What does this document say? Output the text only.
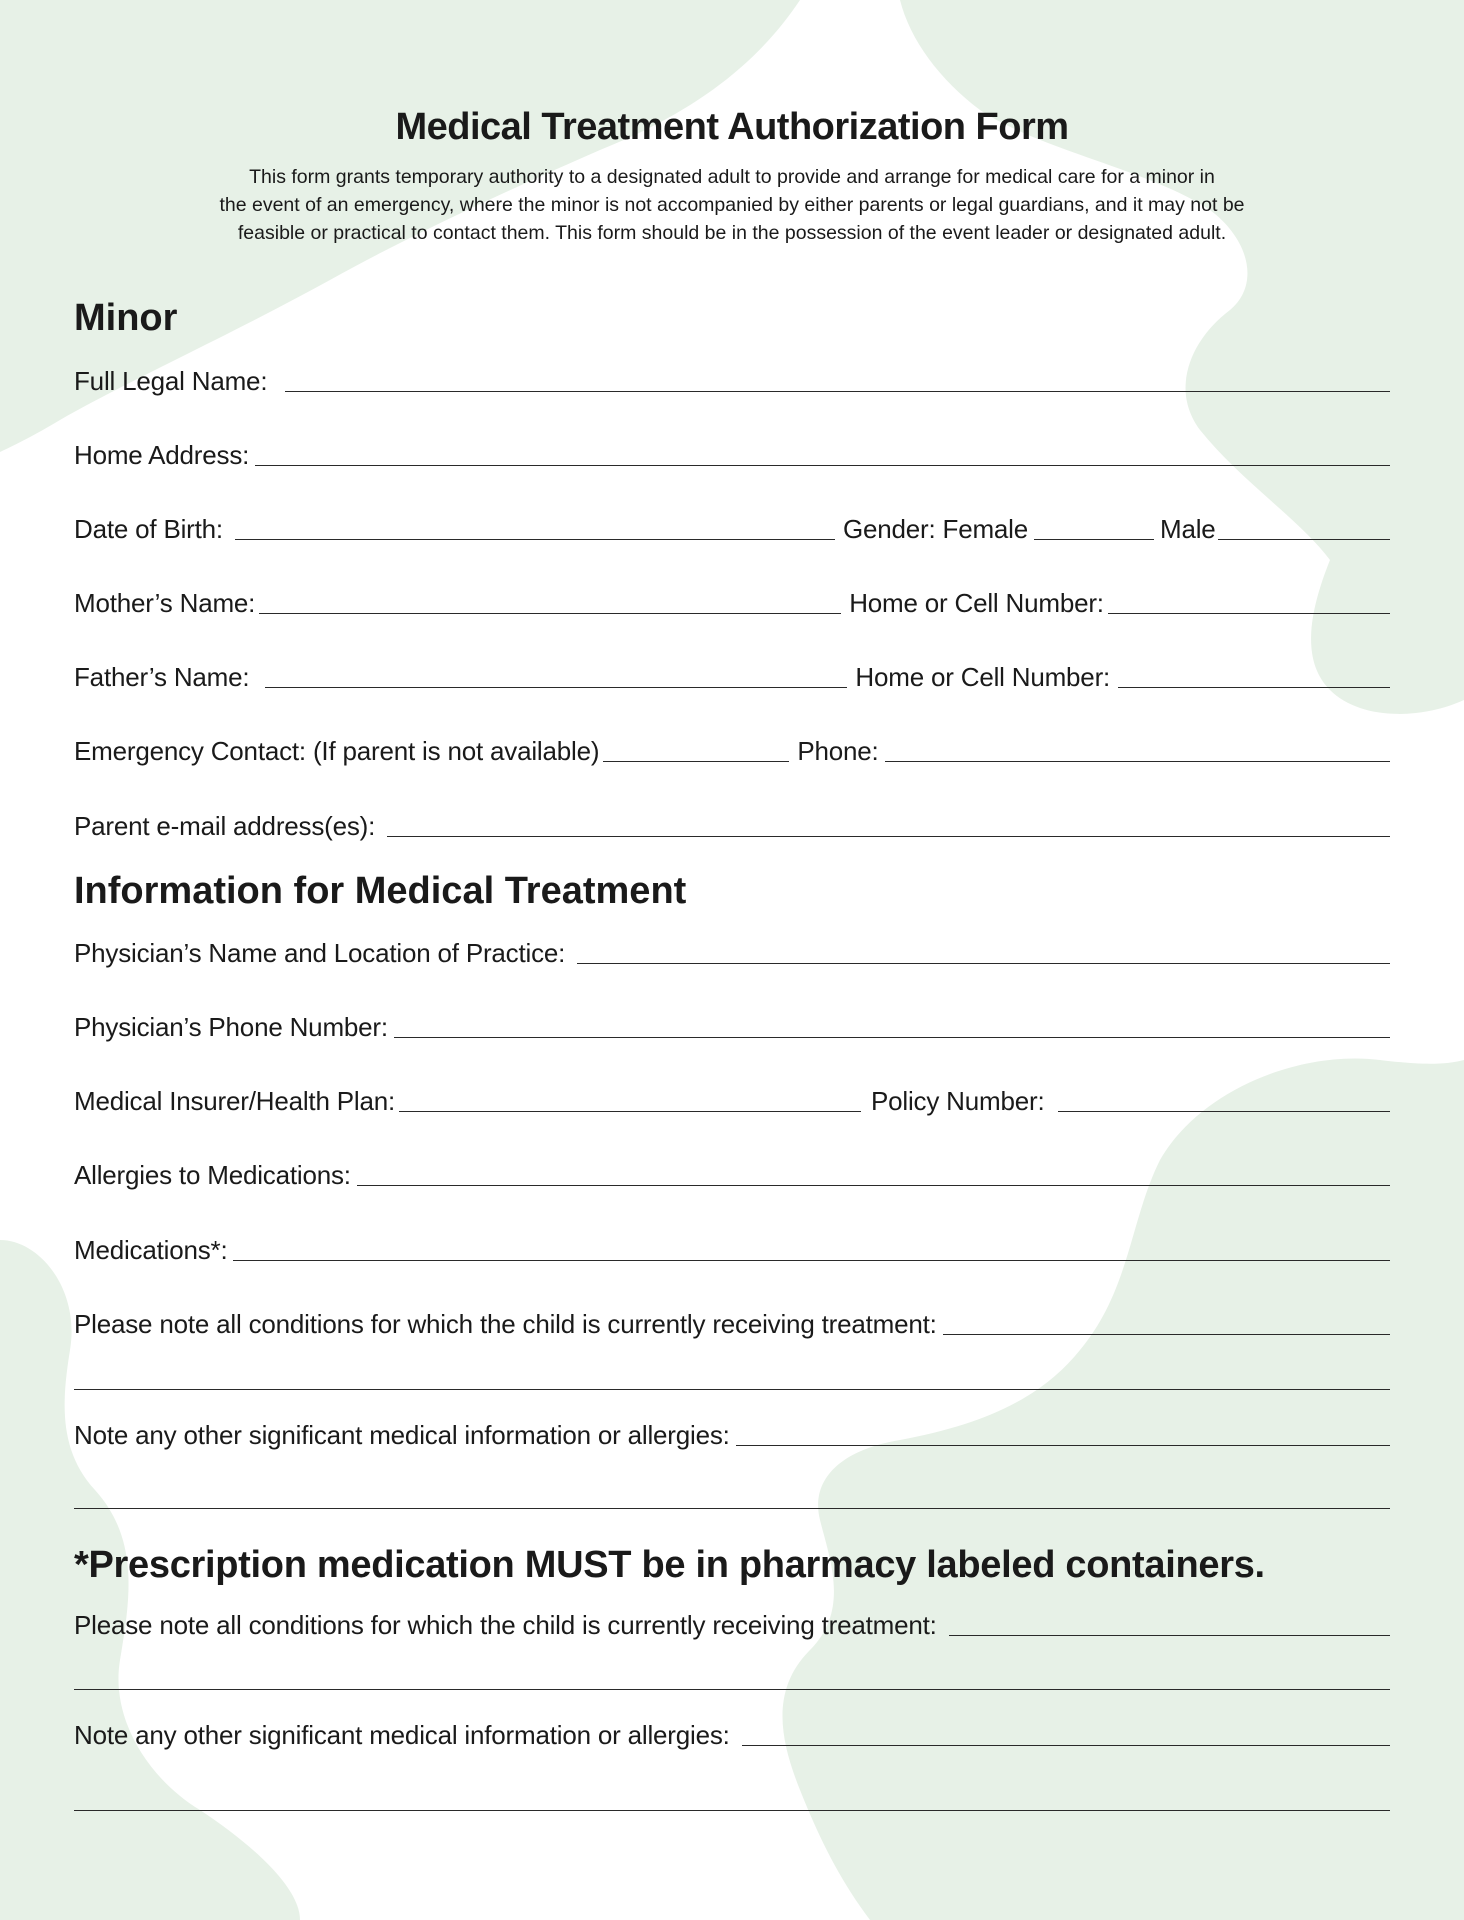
Medical Treatment Authorization Form
This form grants temporary authority to a designated adult to provide and arrange for medical care for a minor in
the event of an emergency, where the minor is not accompanied by either parents or legal guardians, and it may not be
feasible or practical to contact them. This form should be in the possession of the event leader or designated adult.
Minor
Full Legal Name:
Home Address:
Date of Birth:	Gender: Female	Male
Mother’s Name:	Home or Cell Number:
Father’s Name:	Home or Cell Number:
Emergency Contact: (If parent is not available)	Phone:
Parent e-mail address(es):
Information for Medical Treatment
Physician’s Name and Location of Practice:
Physician’s Phone Number:
Medical Insurer/Health Plan:	Policy Number:
Allergies to Medications:
Medications*:
Please note all conditions for which the child is currently receiving treatment:
Note any other significant medical information or allergies:
*Prescription medication MUST be in pharmacy labeled containers.
Please note all conditions for which the child is currently receiving treatment:
Note any other significant medical information or allergies:
